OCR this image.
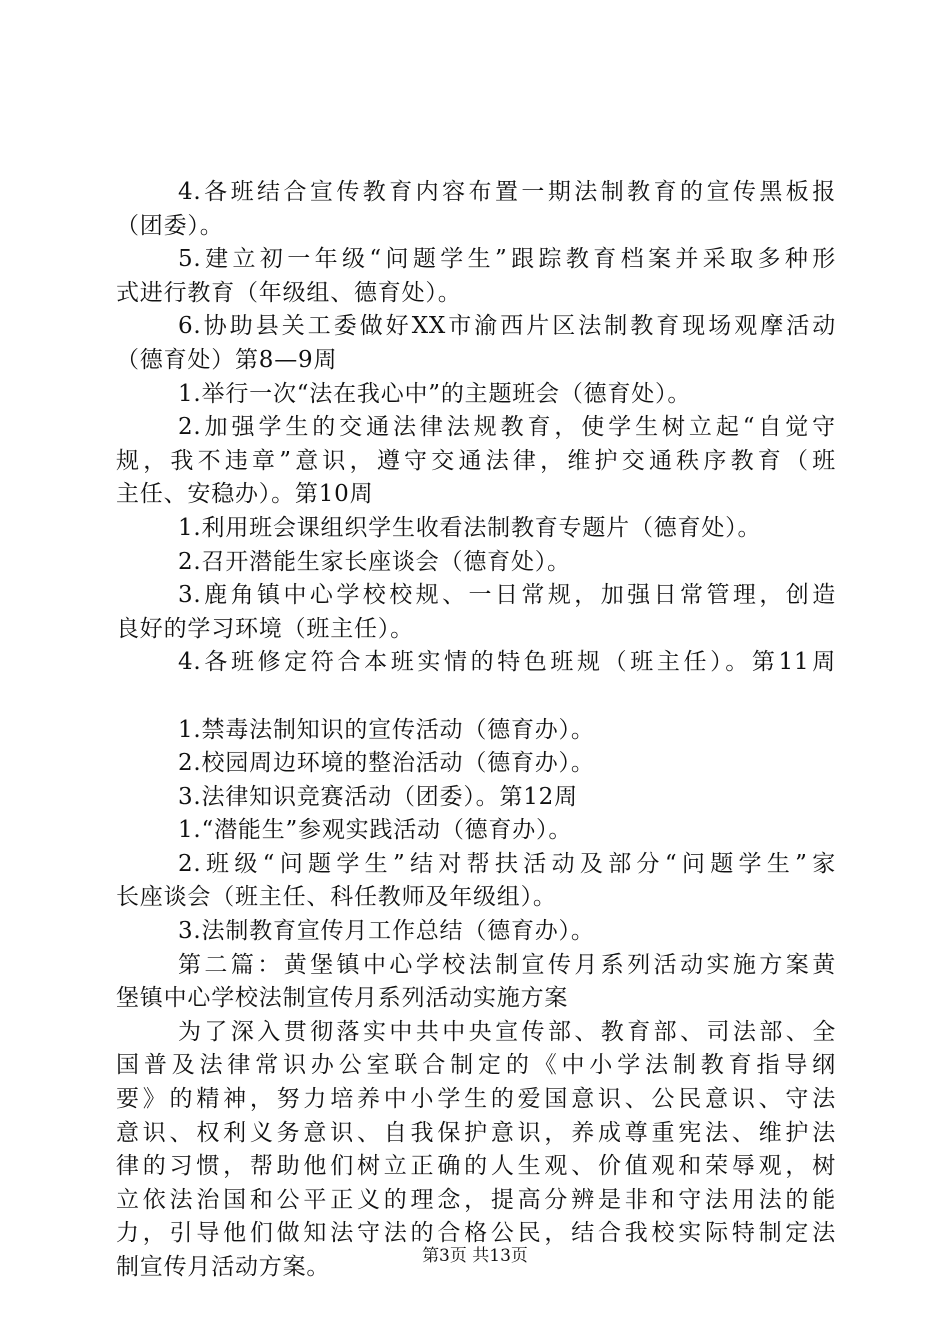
4.各班结合宣传教育内容布置一期法制教育的宣传黑板报
（团委）。
5.建立初一年级“问题学生”跟踪教育档案并采取多种形
式进行教育（年级组、德育处）。
6.协助县关工委做好XX市渝西片区法制教育现场观摩活动
（德育处）第8—9周
1.举行一次“法在我心中”的主题班会（德育处）。
2.加强学生的交通法律法规教育，使学生树立起“自觉守
规，我不违章”意识，遵守交通法律，维护交通秩序教育（班
主任、安稳办）。第10周
1.利用班会课组织学生收看法制教育专题片（德育处）。
2.召开潜能生家长座谈会（德育处）。
3.鹿角镇中心学校校规、一日常规，加强日常管理，创造
良好的学习环境（班主任）。
4.各班修定符合本班实情的特色班规（班主任）。第11周
1.禁毒法制知识的宣传活动（德育办）。
2.校园周边环境的整治活动（德育办）。
3.法律知识竞赛活动（团委）。第12周
1.“潜能生”参观实践活动（德育办）。
2.班级“问题学生”结对帮扶活动及部分“问题学生”家
长座谈会（班主任、科任教师及年级组）。
3.法制教育宣传月工作总结（德育办）。
第二篇：黄堡镇中心学校法制宣传月系列活动实施方案黄
堡镇中心学校法制宣传月系列活动实施方案
为了深入贯彻落实中共中央宣传部、教育部、司法部、全
国普及法律常识办公室联合制定的《中小学法制教育指导纲
要》的精神，努力培养中小学生的爱国意识、公民意识、守法
意识、权利义务意识、自我保护意识，养成尊重宪法、维护法
律的习惯，帮助他们树立正确的人生观、价值观和荣辱观，树
立依法治国和公平正义的理念，提高分辨是非和守法用法的能
力，引导他们做知法守法的合格公民，结合我校实际特制定法
制宣传月活动方案。	第3页 共13页
